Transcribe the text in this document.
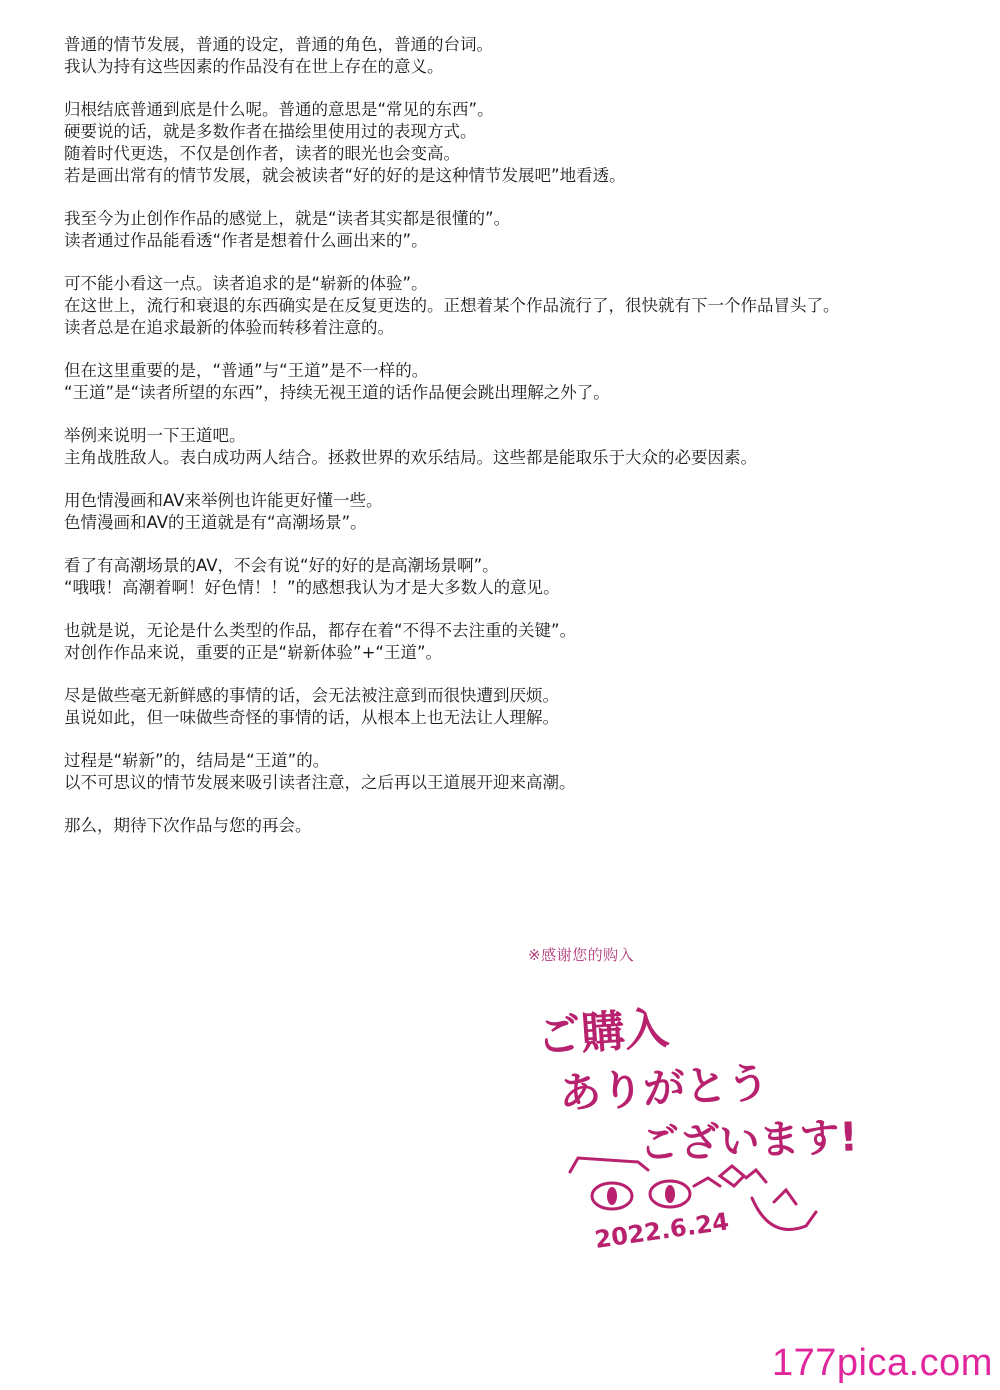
普通的情节发展，普通的设定，普通的角色，普通的台词。
我认为持有这些因素的作品没有在世上存在的意义。
归根结底普通到底是什么呢。普通的意思是“常见的东西”。
硬要说的话，就是多数作者在描绘里使用过的表现方式。
随着时代更迭，不仅是创作者，读者的眼光也会变高。
若是画出常有的情节发展，就会被读者“好的好的是这种情节发展吧”地看透。
我至今为止创作作品的感觉上，就是“读者其实都是很懂的”。
读者通过作品能看透“作者是想着什么画出来的”。
可不能小看这一点。读者追求的是“崭新的体验”。
在这世上，流行和衰退的东西确实是在反复更迭的。正想着某个作品流行了，很快就有下一个作品冒头了。
读者总是在追求最新的体验而转移着注意的。
但在这里重要的是，“普通”与“王道”是不一样的。
“王道”是“读者所望的东西”，持续无视王道的话作品便会跳出理解之外了。
举例来说明一下王道吧。
主角战胜敌人。表白成功两人结合。拯救世界的欢乐结局。这些都是能取乐于大众的必要因素。
用色情漫画和AV来举例也许能更好懂一些。
色情漫画和AV的王道就是有“高潮场景”。
看了有高潮场景的AV，不会有说“好的好的是高潮场景啊”。
“哦哦！高潮着啊！好色情！！”的感想我认为才是大多数人的意见。
也就是说，无论是什么类型的作品，都存在着“不得不去注重的关键”。
对创作作品来说，重要的正是“崭新体验”+“王道”。
尽是做些毫无新鲜感的事情的话，会无法被注意到而很快遭到厌烦。
虽说如此，但一味做些奇怪的事情的话，从根本上也无法让人理解。
过程是“崭新”的，结局是“王道”的。
以不可思议的情节发展来吸引读者注意，之后再以王道展开迎来高潮。
那么，期待下次作品与您的再会。
※感谢您的购入
ご購入
ありがとう
ございます!
2022.6.24
177pica.com
